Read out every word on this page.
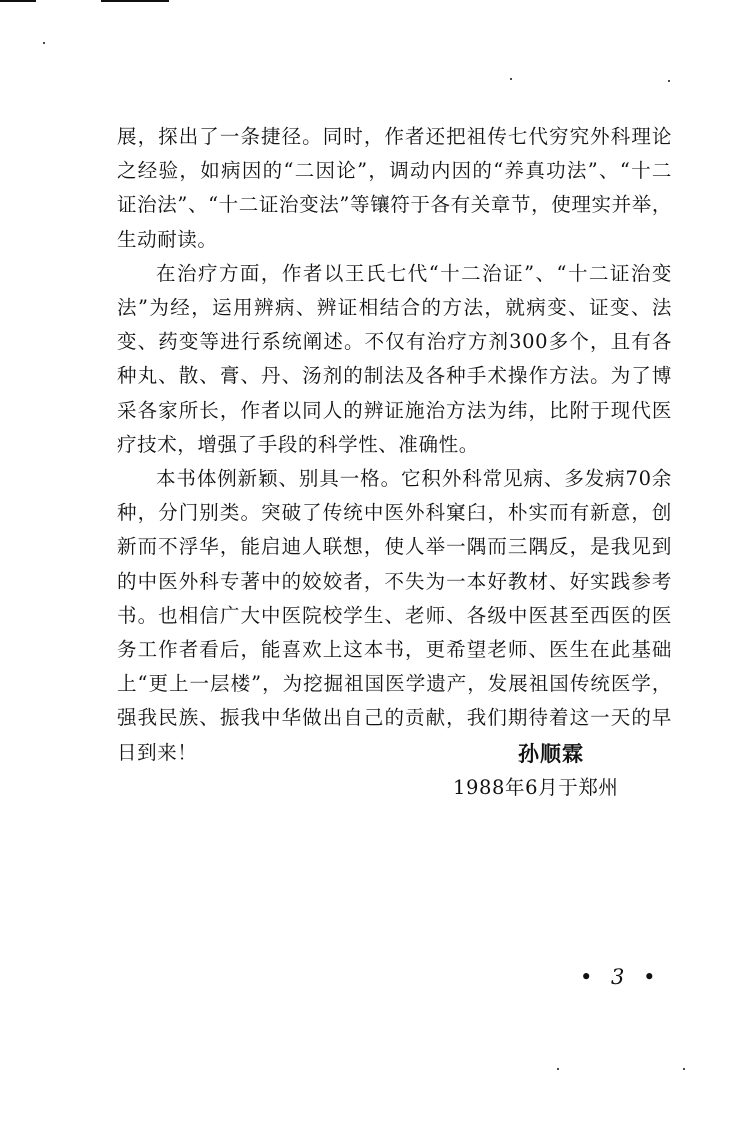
展，探出了一条捷径。同时，作者还把祖传七代穷究外科理论之经验，如病因的“二因论”，调动内因的“养真功法”、“十二证治法”、“十二证治变法”等镶符于各有关章节，使理实并举，生动耐读。

在治疗方面，作者以王氏七代“十二治证”、“十二证治变法”为经，运用辨病、辨证相结合的方法，就病变、证变、法变、药变等进行系统阐述。不仅有治疗方剂300多个，且有各种丸、散、膏、丹、汤剂的制法及各种手术操作方法。为了博采各家所长，作者以同人的辨证施治方法为纬，比附于现代医疗技术，增强了手段的科学性、准确性。

本书体例新颖、别具一格。它积外科常见病、多发病70余种，分门别类。突破了传统中医外科窠臼，朴实而有新意，创新而不浮华，能启迪人联想，使人举一隅而三隅反，是我见到的中医外科专著中的姣姣者，不失为一本好教材、好实践参考书。也相信广大中医院校学生、老师、各级中医甚至西医的医务工作者看后，能喜欢上这本书，更希望老师、医生在此基础上“更上一层楼”，为挖掘祖国医学遗产，发展祖国传统医学，强我民族、振我中华做出自己的贡献，我们期待着这一天的早日到来！	孙顺霖
1988年6月于郑州
• 3 •
